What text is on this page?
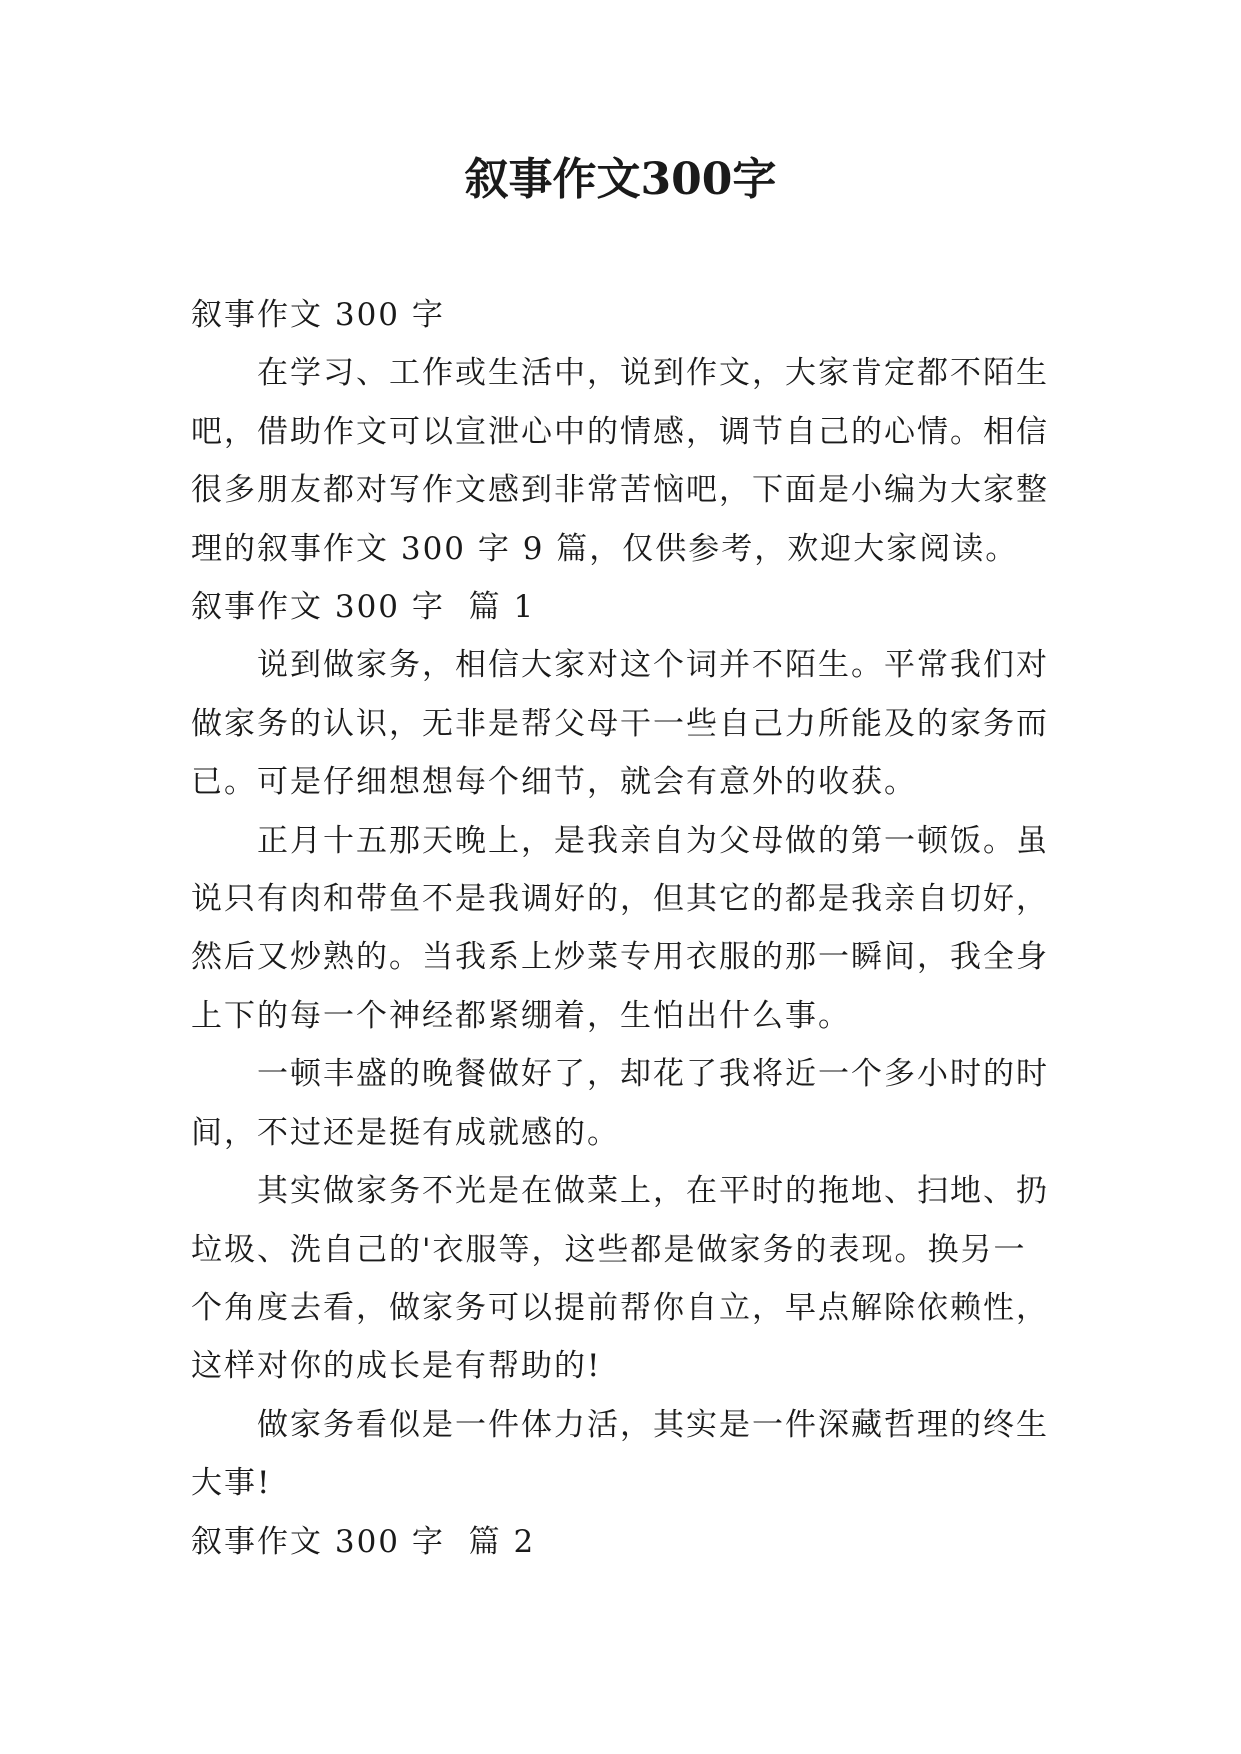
叙事作文300字

叙事作文 300 字

在学习、工作或生活中，说到作文，大家肯定都不陌生

吧，借助作文可以宣泄心中的情感，调节自己的心情。相信

很多朋友都对写作文感到非常苦恼吧，下面是小编为大家整

理的叙事作文 300 字 9 篇，仅供参考，欢迎大家阅读。

叙事作文 300 字  篇 1

说到做家务，相信大家对这个词并不陌生。平常我们对

做家务的认识，无非是帮父母干一些自己力所能及的家务而

已。可是仔细想想每个细节，就会有意外的收获。

正月十五那天晚上，是我亲自为父母做的第一顿饭。虽

说只有肉和带鱼不是我调好的，但其它的都是我亲自切好，

然后又炒熟的。当我系上炒菜专用衣服的那一瞬间，我全身

上下的每一个神经都紧绷着，生怕出什么事。

一顿丰盛的晚餐做好了，却花了我将近一个多小时的时

间，不过还是挺有成就感的。

其实做家务不光是在做菜上，在平时的拖地、扫地、扔

垃圾、洗自己的'衣服等，这些都是做家务的表现。换另一

个角度去看，做家务可以提前帮你自立，早点解除依赖性，

这样对你的成长是有帮助的!

做家务看似是一件体力活，其实是一件深藏哲理的终生

大事!

叙事作文 300 字  篇 2
